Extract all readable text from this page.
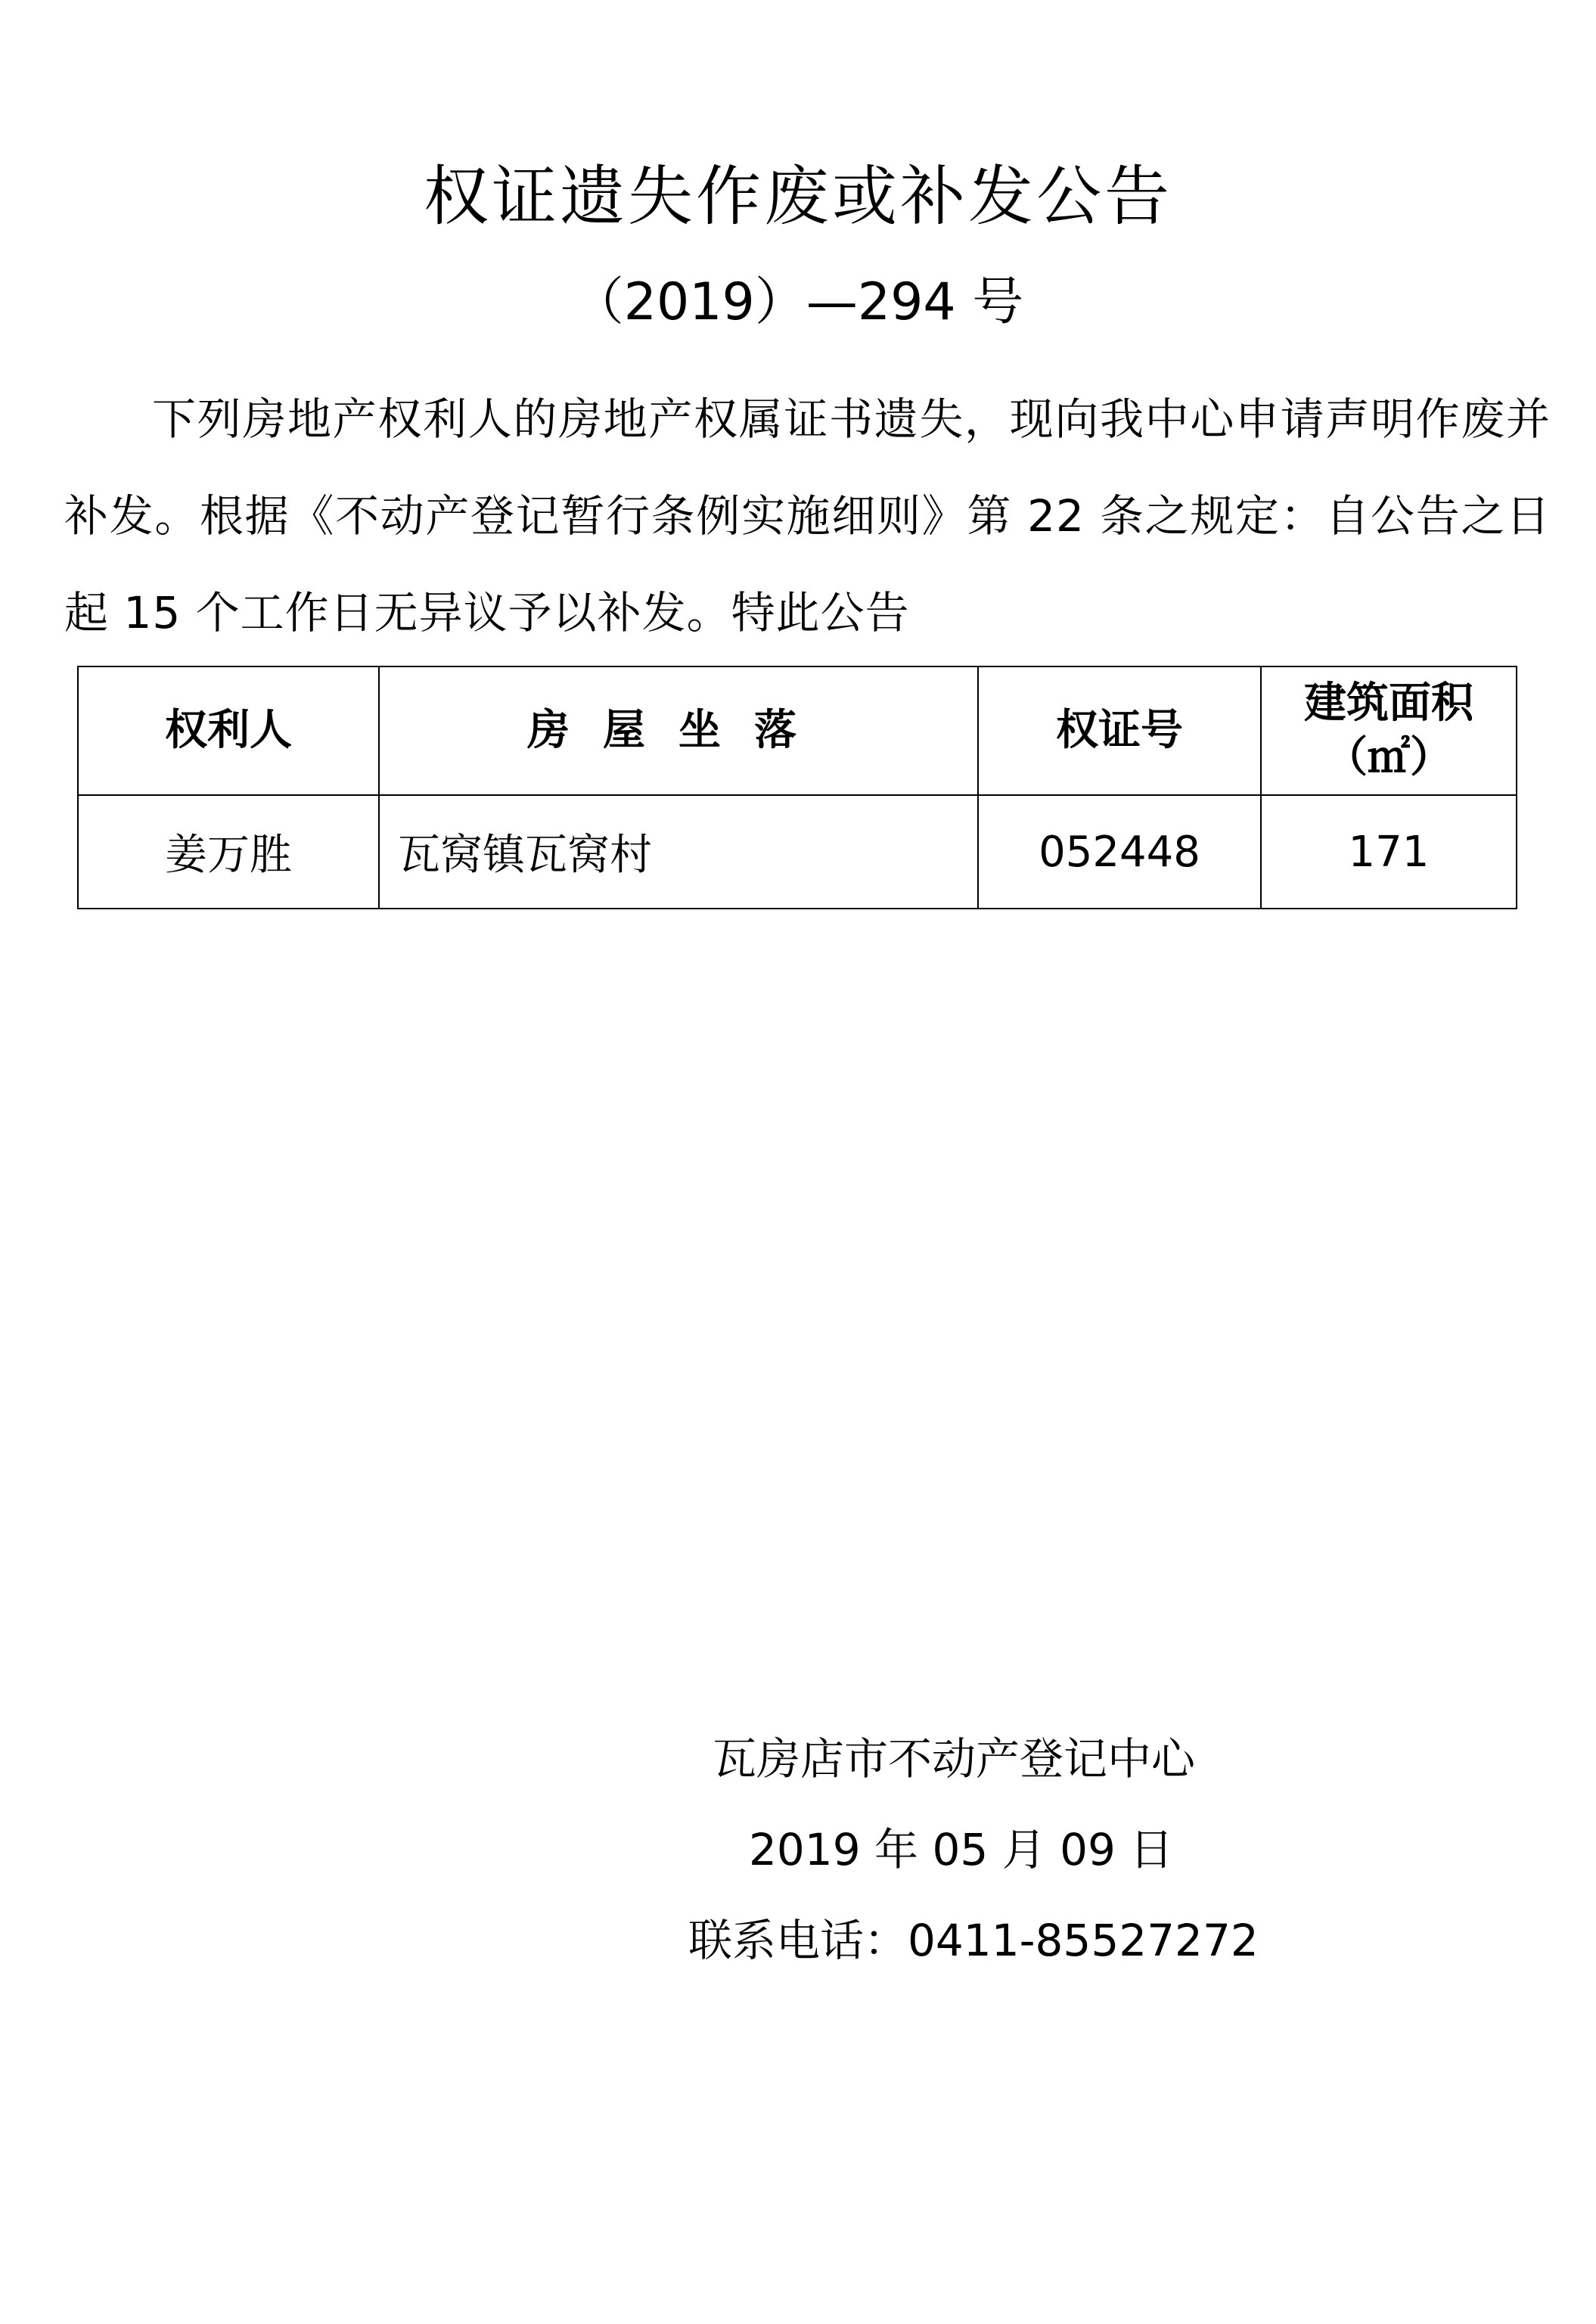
权证遗失作废或补发公告
（2019）—294 号
下列房地产权利人的房地产权属证书遗失，现向我中心申请声明作废并补发。根据《不动产登记暂行条例实施细则》第 22 条之规定：自公告之日起 15 个工作日无异议予以补发。特此公告
权利人	房屋坐落	权证号	建筑面积
（㎡）

姜万胜	瓦窝镇瓦窝村	052448	171
瓦房店市不动产登记中心
2019 年 05 月 09 日
联系电话：0411-85527272
